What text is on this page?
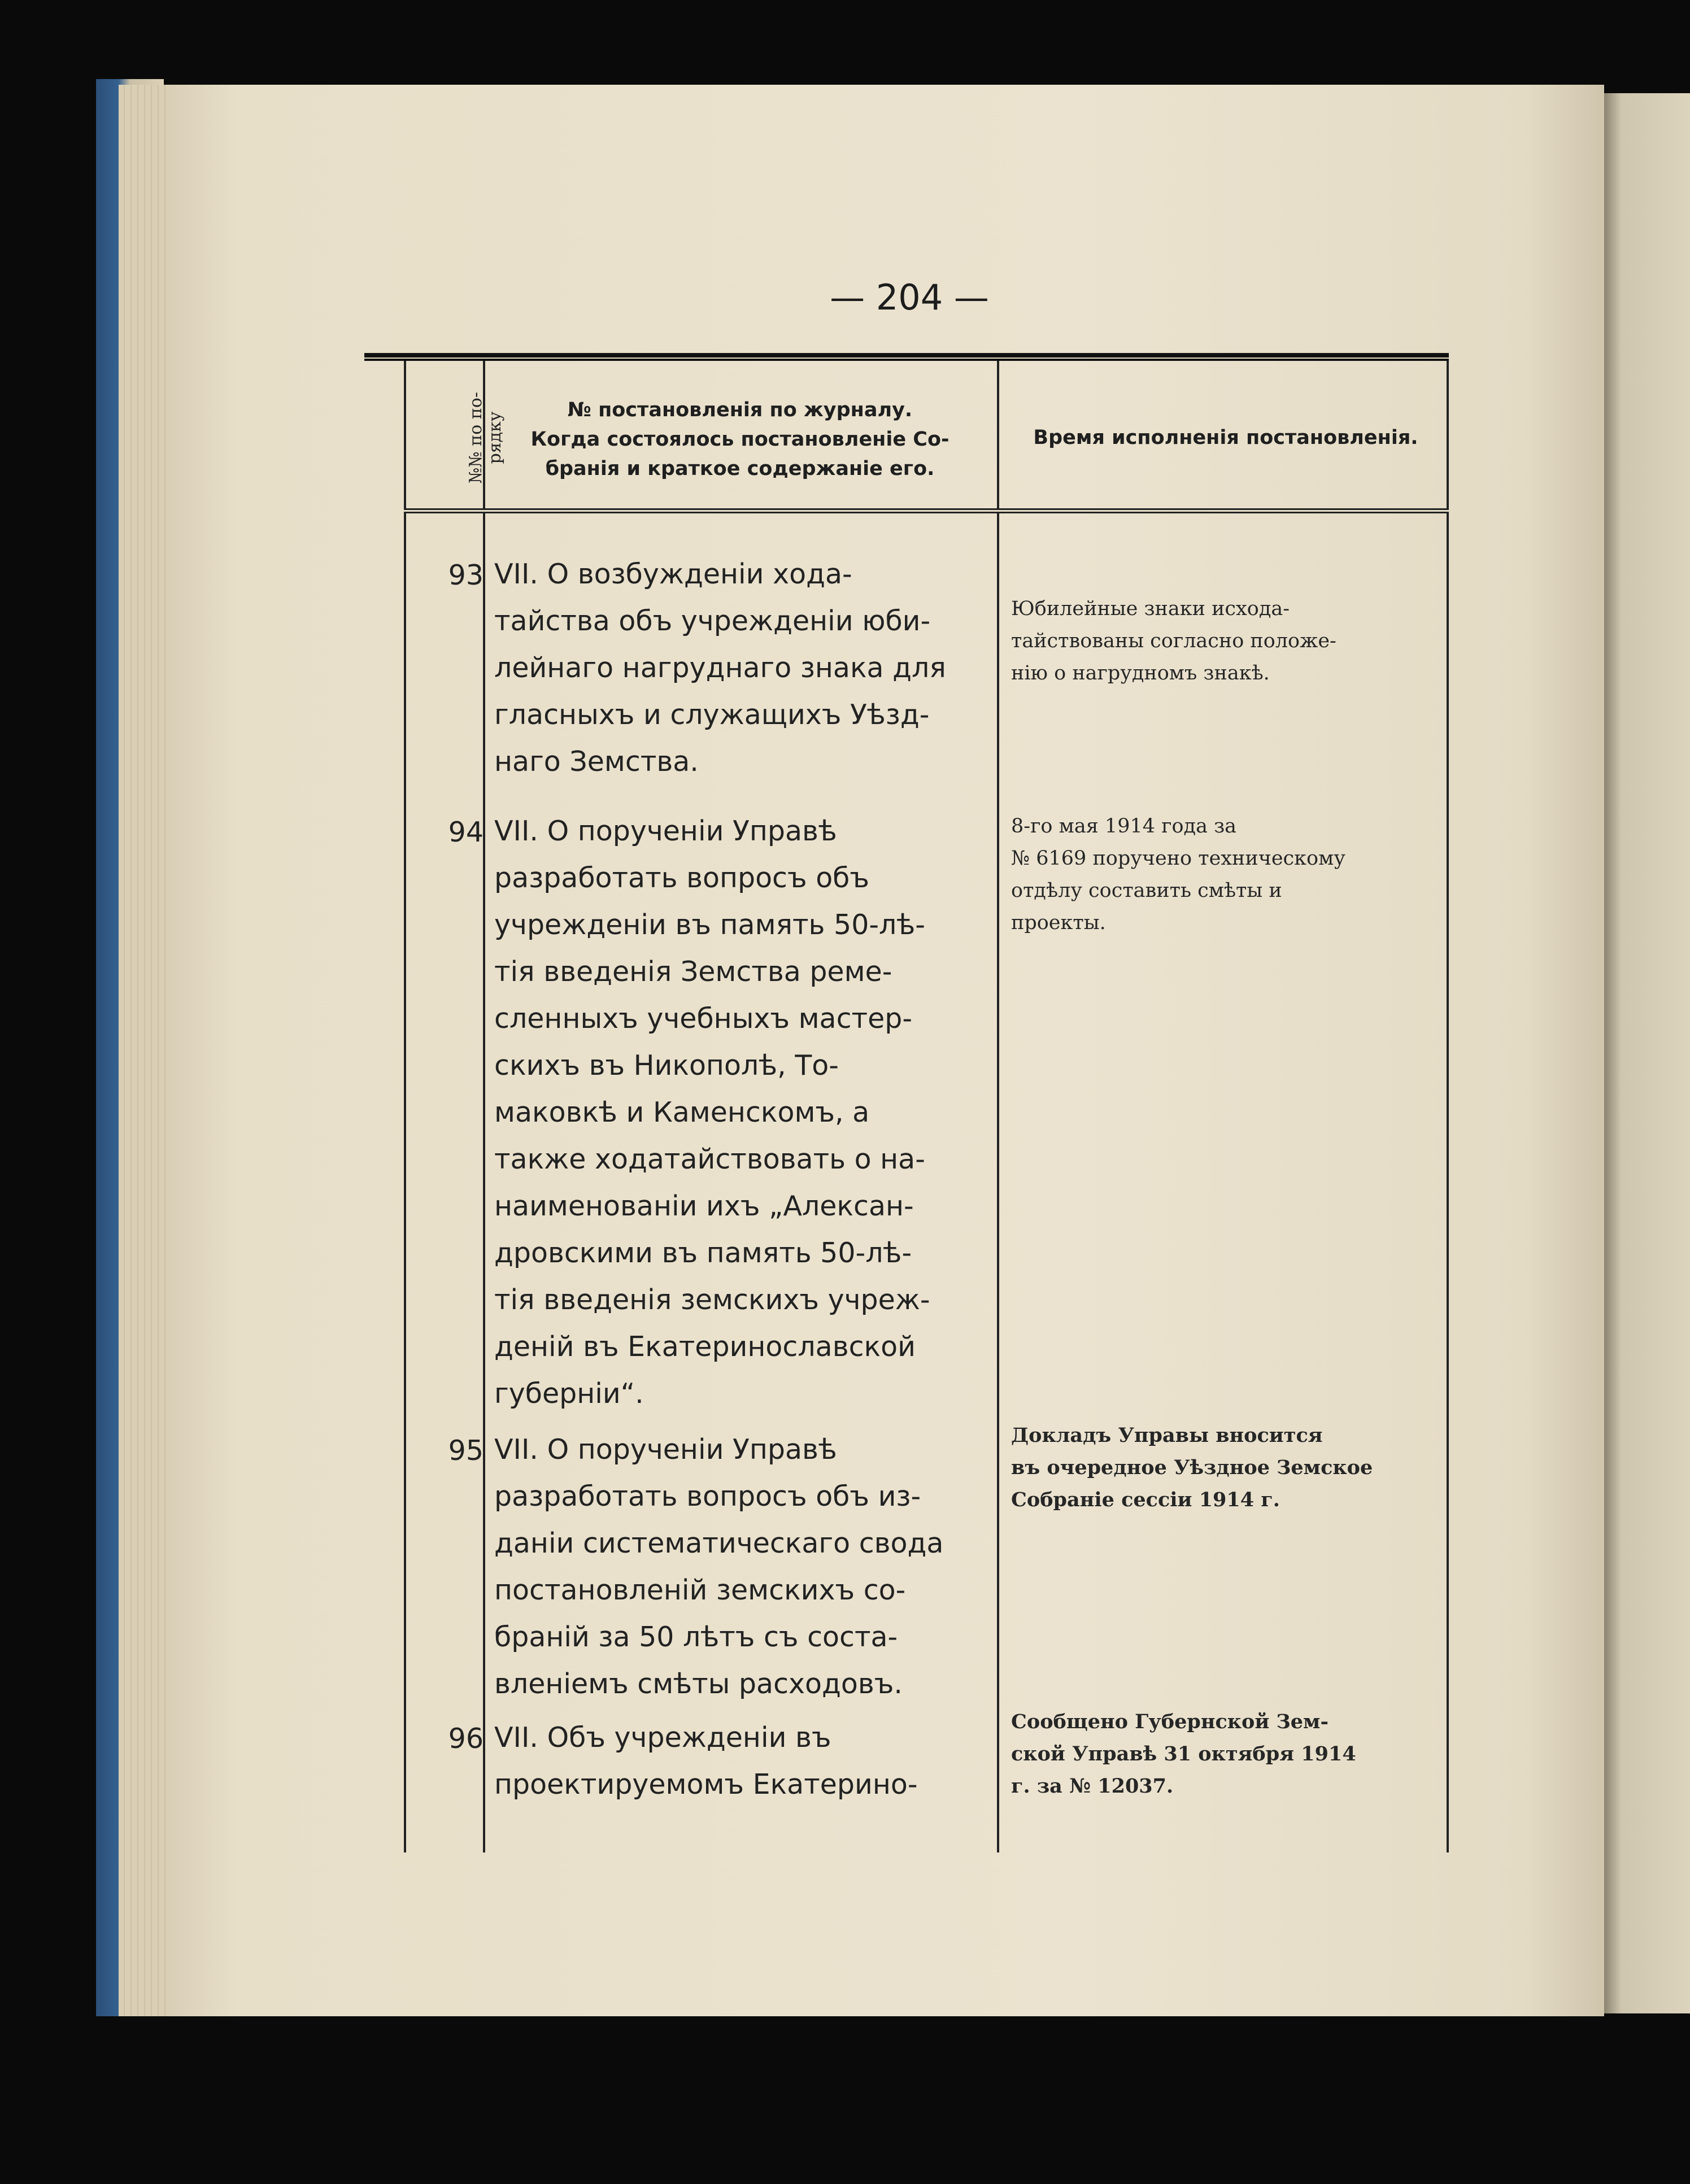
— 204 —
№№ по по-
рядку
№ постановленія по журналу.
Когда состоялось постановленіе Со-
бранія и краткое содержаніе его.
Время исполненія постановленія.
93 VII. О возбужденіи хода-
тайства объ учрежденіи юби-
лейнаго нагруднаго знака для
гласныхъ и служащихъ Уѣзд-
наго Земства.
Юбилейные знаки исхода-
тайствованы согласно положе-
нію о нагрудномъ знакѣ.
94 VII. О порученіи Управѣ
разработать вопросъ объ
учрежденіи въ память 50-лѣ-
тія введенія Земства реме-
сленныхъ учебныхъ мастер-
скихъ въ Никополѣ, То-
маковкѣ и Каменскомъ, а
также ходатайствовать о на-
наименованіи ихъ „Алексан-
дровскими въ память 50-лѣ-
тія введенія земскихъ учреж-
деній въ Екатеринославской
губерніи“.
8-го мая 1914 года за
№ 6169 поручено техническому
отдѣлу составить смѣты и
проекты.
95 VII. О порученіи Управѣ
разработать вопросъ объ из-
даніи систематическаго свода
постановленій земскихъ со-
браній за 50 лѣтъ съ соста-
вленіемъ смѣты расходовъ.
Докладъ Управы вносится
въ очередное Уѣздное Земское
Собраніе сессіи 1914 г.
96 VII. Объ учрежденіи въ
проектируемомъ Екатерино-
Сообщено Губернской Зем-
ской Управѣ 31 октября 1914
г. за № 12037.
